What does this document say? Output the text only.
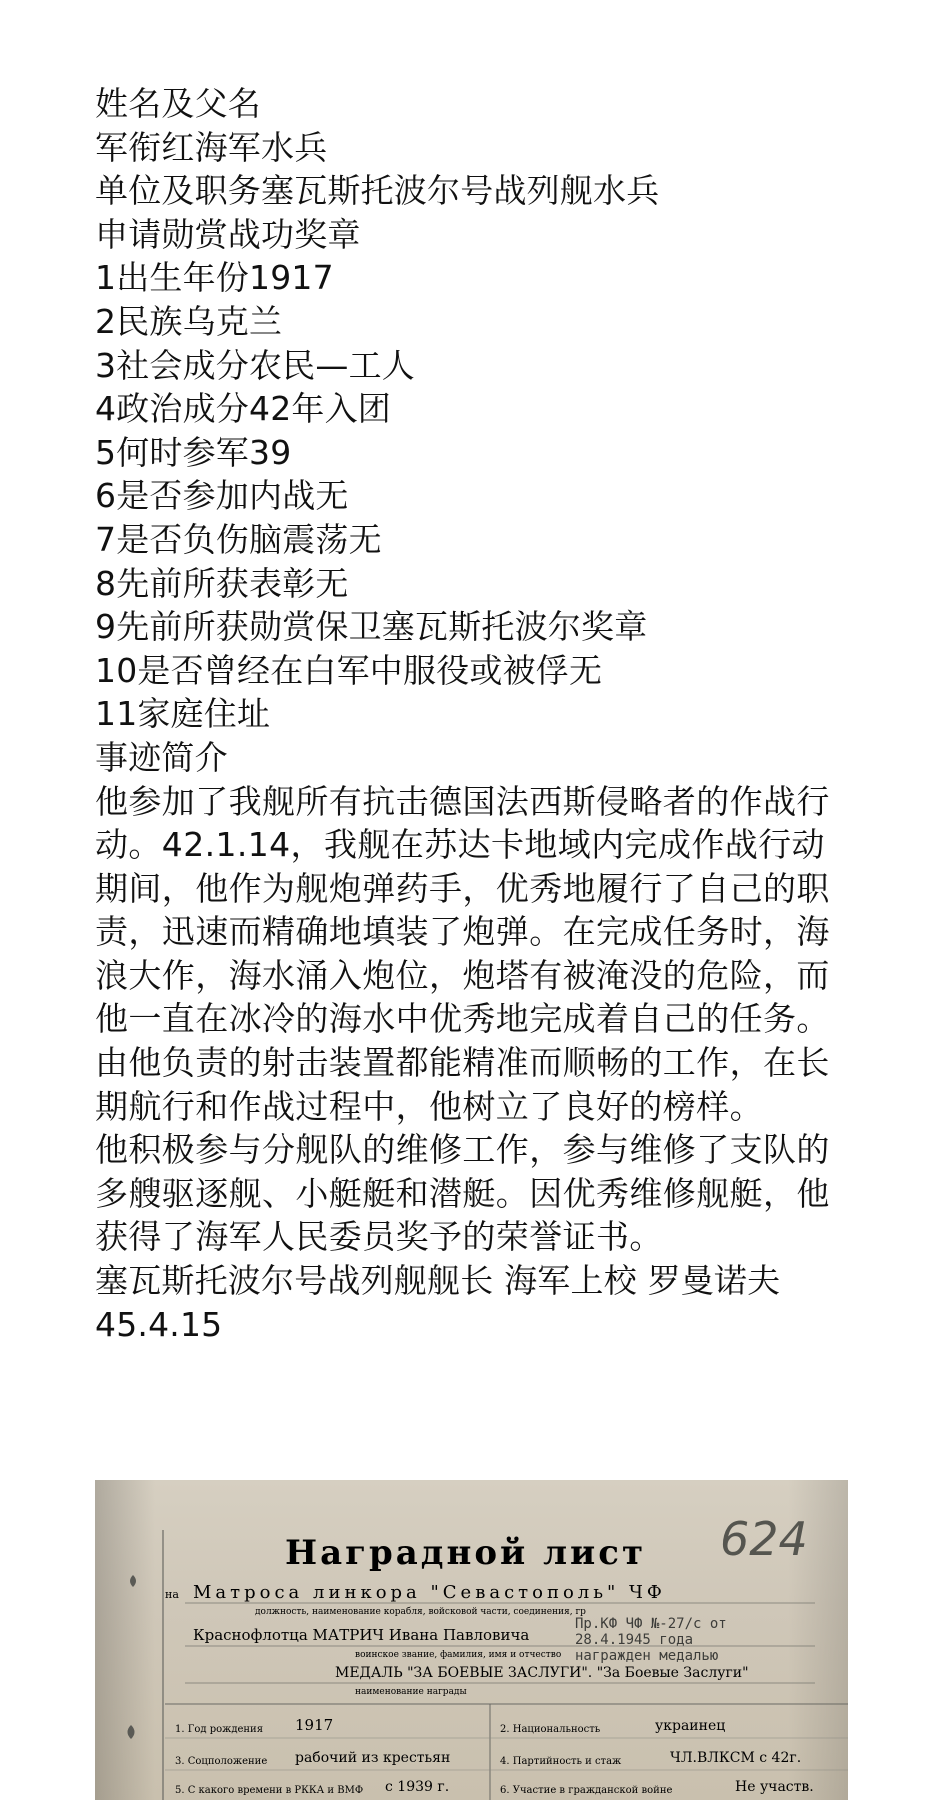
姓名及父名
军衔红海军水兵
单位及职务塞瓦斯托波尔号战列舰水兵
申请勋赏战功奖章
1出生年份1917
2民族乌克兰
3社会成分农民—工人
4政治成分42年入团
5何时参军39
6是否参加内战无
7是否负伤脑震荡无
8先前所获表彰无
9先前所获勋赏保卫塞瓦斯托波尔奖章
10是否曾经在白军中服役或被俘无
11家庭住址
事迹简介
他参加了我舰所有抗击德国法西斯侵略者的作战行动。42.1.14，我舰在苏达卡地域内完成作战行动期间，他作为舰炮弹药手，优秀地履行了自己的职责，迅速而精确地填装了炮弹。在完成任务时，海浪大作，海水涌入炮位，炮塔有被淹没的危险，而他一直在冰冷的海水中优秀地完成着自己的任务。
由他负责的射击装置都能精准而顺畅的工作，在长期航行和作战过程中，他树立了良好的榜样。
他积极参与分舰队的维修工作，参与维修了支队的多艘驱逐舰、小艇艇和潜艇。因优秀维修舰艇，他获得了海军人民委员奖予的荣誉证书。
塞瓦斯托波尔号战列舰舰长 海军上校 罗曼诺夫
45.4.15
Наградной лист 624
на Матроса линкора "Севастополь" ЧФ
должность, наименование корабля, войсковой части, соединения, гр
Пр.КФ ЧФ №-27/с от
28.4.1945 года
награжден медалью
Краснофлотца МАТРИЧ Ивана Павловича
воинское звание, фамилия, имя и отчество
МЕДАЛЬ "ЗА БОЕВЫЕ ЗАСЛУГИ". "За Боевые Заслуги"
наименование награды
1. Год рождения 1917	2. Национальность	украинец
3. Соцположение рабочий из крестьян	4. Партийность и стаж	ЧЛ.ВЛКСМ с 42г.
5. С какого времени в РККА и ВМФ с 1939 г.	6. Участие в гражданской войне	Не участв.
